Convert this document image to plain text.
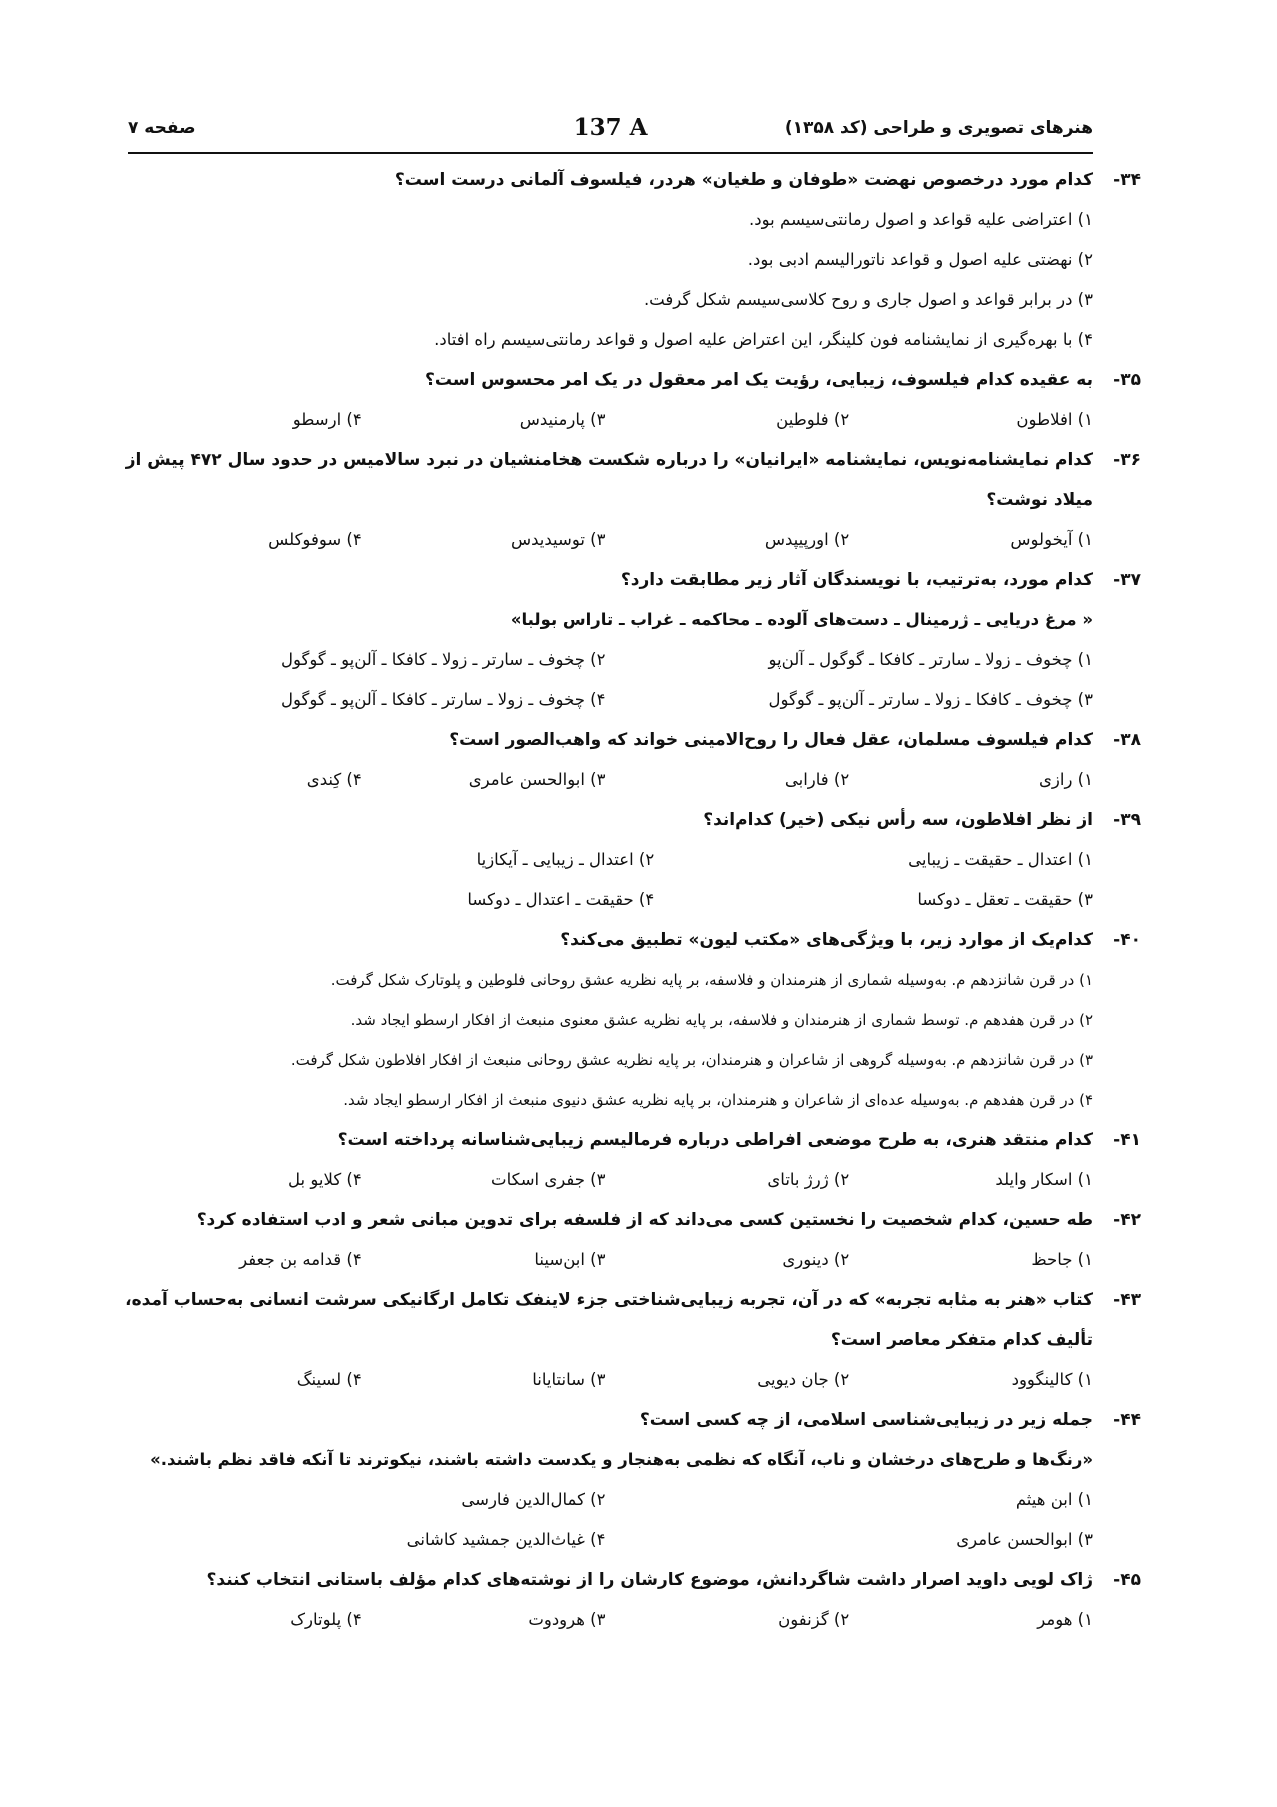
هنرهای تصویری و طراحی (کد ۱۳۵۸)
137 A
صفحه ۷
۳۴-
کدام مورد درخصوص نهضت «طوفان و طغیان» هردر، فیلسوف آلمانی درست است؟
۱) اعتراضی علیه قواعد و اصول رمانتی‌سیسم بود.
۲) نهضتی علیه اصول و قواعد ناتورالیسم ادبی بود.
۳) در برابر قواعد و اصول جاری و روح کلاسی‌سیسم شکل گرفت.
۴) با بهره‌گیری از نمایشنامه فون کلینگر، این اعتراض علیه اصول و قواعد رمانتی‌سیسم راه افتاد.
۳۵-
به عقیده کدام فیلسوف، زیبایی، رؤیت یک امر معقول در یک امر محسوس است؟
۱) افلاطون
۲) فلوطین
۳) پارمنیدس
۴) ارسطو
۳۶-
کدام نمایشنامه‌نویس، نمایشنامه «ایرانیان» را درباره شکست هخامنشیان در نبرد سالامیس در حدود سال ۴۷۲ پیش از میلاد نوشت؟
۱) آیخولوس
۲) اورپیپدس
۳) توسیدیدس
۴) سوفوکلس
۳۷-
کدام مورد، به‌ترتیب، با نویسندگان آثار زیر مطابقت دارد؟
« مرغ دریایی ـ ژرمینال ـ دست‌های آلوده ـ محاکمه ـ غراب ـ تاراس بولبا»
۱) چخوف ـ زولا ـ سارتر ـ کافکا ـ گوگول ـ آلن‌پو
۲) چخوف ـ سارتر ـ زولا ـ کافکا ـ آلن‌پو ـ گوگول
۳) چخوف ـ کافکا ـ زولا ـ سارتر ـ آلن‌پو ـ گوگول
۴) چخوف ـ زولا ـ سارتر ـ کافکا ـ آلن‌پو ـ گوگول
۳۸-
کدام فیلسوف مسلمان، عقل فعال را روح‌الامینی خواند که واهب‌الصور است؟
۱) رازی
۲) فارابی
۳) ابوالحسن عامری
۴) کِندی
۳۹-
از نظر افلاطون، سه رأس نیکی (خیر) کدام‌اند؟
۱) اعتدال ـ حقیقت ـ زیبایی
۲) اعتدال ـ زیبایی ـ آیکازیا
۳) حقیقت ـ تعقل ـ دوکسا
۴) حقیقت ـ اعتدال ـ دوکسا
۴۰-
کدام‌یک از موارد زیر، با ویژگی‌های «مکتب لیون» تطبیق می‌کند؟
۱) در قرن شانزدهم م. به‌وسیله شماری از هنرمندان و فلاسفه، بر پایه نظریه عشق روحانی فلوطین و پلوتارک شکل گرفت.
۲) در قرن هفدهم م. توسط شماری از هنرمندان و فلاسفه، بر پایه نظریه عشق معنوی منبعث از افکار ارسطو ایجاد شد.
۳) در قرن شانزدهم م. به‌وسیله گروهی از شاعران و هنرمندان، بر پایه نظریه عشق روحانی منبعث از افکار افلاطون شکل گرفت.
۴) در قرن هفدهم م. به‌وسیله عده‌ای از شاعران و هنرمندان، بر پایه نظریه عشق دنیوی منبعث از افکار ارسطو ایجاد شد.
۴۱-
کدام منتقد هنری، به طرح موضعی افراطی درباره فرمالیسم زیبایی‌شناسانه پرداخته است؟
۱) اسکار وایلد
۲) ژرژ باتای
۳) جفری اسکات
۴) کلایو بل
۴۲-
طه حسین، کدام شخصیت را نخستین کسی می‌داند که از فلسفه برای تدوین مبانی شعر و ادب استفاده کرد؟
۱) جاحظ
۲) دینوری
۳) ابن‌سینا
۴) قدامه بن جعفر
۴۳-
کتاب «هنر به مثابه تجربه» که در آن، تجربه زیبایی‌شناختی جزء لاینفک تکامل ارگانیکی سرشت انسانی به‌حساب آمده، تألیف کدام متفکر معاصر است؟
۱) کالینگوود
۲) جان دیویی
۳) سانتایانا
۴) لسینگ
۴۴-
جمله زیر در زیبایی‌شناسی اسلامی، از چه کسی است؟
«رنگ‌ها و طرح‌های درخشان و ناب، آنگاه که نظمی به‌هنجار و یکدست داشته باشند، نیکوترند تا آنکه فاقد نظم باشند.»
۱) ابن هیثم
۲) کمال‌الدین فارسی
۳) ابوالحسن عامری
۴) غیاث‌الدین جمشید کاشانی
۴۵-
ژاک لویی داوید اصرار داشت شاگردانش، موضوع کارشان را از نوشته‌های کدام مؤلف باستانی انتخاب کنند؟
۱) هومر
۲) گزنفون
۳) هرودوت
۴) پلوتارک
